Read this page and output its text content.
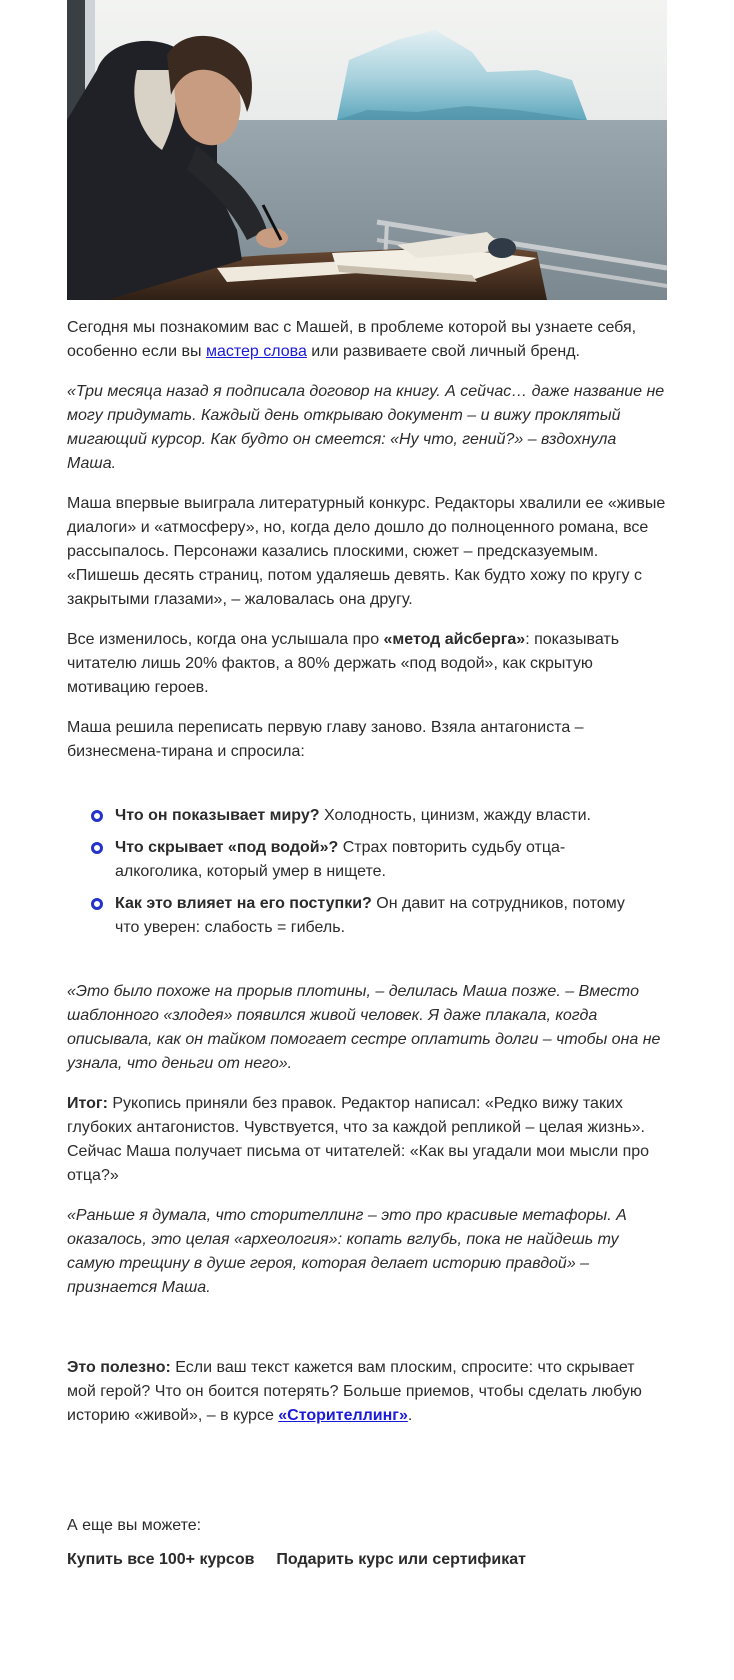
Сегодня мы познакомим вас с Машей, в проблеме которой вы узнаете себя, особенно если вы мастер слова или развиваете свой личный бренд.

«Три месяца назад я подписала договор на книгу. А сейчас… даже название не могу придумать. Каждый день открываю документ – и вижу проклятый мигающий курсор. Как будто он смеется: «Ну что, гений?» – вздохнула Маша.

Маша впервые выиграла литературный конкурс. Редакторы хвалили ее «живые диалоги» и «атмосферу», но, когда дело дошло до полноценного романа, все рассыпалось. Персонажи казались плоскими, сюжет – предсказуемым. «Пишешь десять страниц, потом удаляешь девять. Как будто хожу по кругу с закрытыми глазами», – жаловалась она другу.

Все изменилось, когда она услышала про «метод айсберга»: показывать читателю лишь 20% фактов, а 80% держать «под водой», как скрытую мотивацию героев.

Маша решила переписать первую главу заново. Взяла антагониста – бизнесмена-тирана и спросила:

Что он показывает миру? Холодность, цинизм, жажду власти.
Что скрывает «под водой»? Страх повторить судьбу отца-алкоголика, который умер в нищете.
Как это влияет на его поступки? Он давит на сотрудников, потому что уверен: слабость = гибель.

«Это было похоже на прорыв плотины, – делилась Маша позже. – Вместо шаблонного «злодея» появился живой человек. Я даже плакала, когда описывала, как он тайком помогает сестре оплатить долги – чтобы она не узнала, что деньги от него».

Итог: Рукопись приняли без правок. Редактор написал: «Редко вижу таких глубоких антагонистов. Чувствуется, что за каждой репликой – целая жизнь». Сейчас Маша получает письма от читателей: «Как вы угадали мои мысли про отца?»

«Раньше я думала, что сторителлинг – это про красивые метафоры. А оказалось, это целая «археология»: копать вглубь, пока не найдешь ту самую трещину в душе героя, которая делает историю правдой» – признается Маша.

Это полезно: Если ваш текст кажется вам плоским, спросите: что скрывает мой герой? Что он боится потерять? Больше приемов, чтобы сделать любую историю «живой», – в курсе «Сторителлинг».

А еще вы можете:

Купить все 100+ курсов Подарить курс или сертификат
